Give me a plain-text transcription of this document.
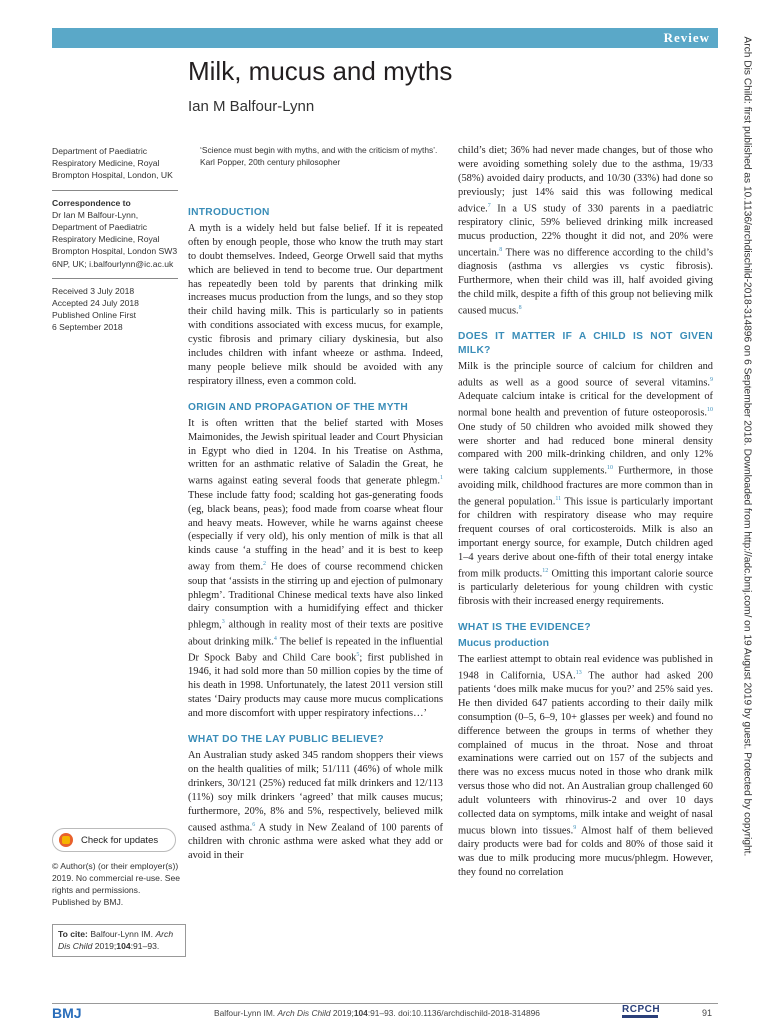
Review
Milk, mucus and myths
Ian M Balfour-Lynn

Department of Paediatric Respiratory Medicine, Royal Brompton Hospital, London, UK

Correspondence to

Dr Ian M Balfour-Lynn, Department of Paediatric Respiratory Medicine, Royal Brompton Hospital, London SW3 6NP, UK; i.balfourlynn@ic.ac.uk

Received 3 July 2018

Accepted 24 July 2018

Published Online First

6 September 2018

Check for updates

© Author(s) (or their employer(s)) 2019. No commercial re-use. See rights and permissions. Published by BMJ.

To cite: Balfour-Lynn IM. Arch Dis Child 2019;104:91–93.
‘Science must begin with myths, and with the criticism of myths’. Karl Popper, 20th century philosopher
INTRODUCTION

A myth is a widely held but false belief. If it is repeated often by enough people, those who know the truth may start to doubt themselves. Indeed, George Orwell said that myths which are believed in tend to become true. Our department has repeatedly been told by parents that drinking milk increases mucus production from the lungs, and so they stop their child having milk. This is particularly so in patients with conditions associated with excess mucus, for example, cystic fibrosis and primary ciliary dyskinesia, but also includes children with infant wheeze or asthma. Indeed, many people believe milk should be avoided with any respiratory illness, even a common cold.

ORIGIN AND PROPAGATION OF THE MYTH

It is often written that the belief started with Moses Maimonides, the Jewish spiritual leader and Court Physician in Egypt who died in 1204. In his Treatise on Asthma, written for an asthmatic relative of Saladin the Great, he warns against eating several foods that generate phlegm.$^1$ These include fatty food; scalding hot gas-generating foods (eg, black beans, peas); food made from coarse wheat flour and heavy meats. However, while he warns against cheese (especially if very old), his only mention of milk is that all kinds cause ‘a stuffing in the head’ and it is best to keep away from them.$^2$ He does of course recommend chicken soup that ‘assists in the stirring up and ejection of pulmonary phlegm’. Traditional Chinese medical texts have also linked dairy consumption with a humidifying effect and thicker phlegm,$^3$ although in reality most of their texts are positive about drinking milk.$^4$ The belief is repeated in the influential Dr Spock Baby and Child Care book$^5$; first published in 1946, it had sold more than 50 million copies by the time of his death in 1998. Unfortunately, the latest 2011 version still states ‘Dairy products may cause more mucus complications and more discomfort with upper respiratory infections…’

WHAT DO THE LAY PUBLIC BELIEVE?

An Australian study asked 345 random shoppers their views on the health qualities of milk; 51/111 (46%) of whole milk drinkers, 30/121 (25%) reduced fat milk drinkers and 12/113 (11%) soy milk drinkers ‘agreed’ that milk causes mucus; furthermore, 20%, 8% and 5%, respectively, believed milk caused asthma.$^6$ A study in New Zealand of 100 parents of children with chronic asthma were asked what they add or avoid in their

child’s diet; 36% had never made changes, but of those who were avoiding something solely due to the asthma, 19/33 (58%) avoided dairy products, and 10/30 (33%) had done so previously; just 14% said this was following medical advice.$^7$ In a US study of 330 parents in a paediatric respiratory clinic, 59% believed drinking milk increased mucus production, 22% thought it did not, and 20% were uncertain.$^8$ There was no difference according to the child’s diagnosis (asthma vs allergies vs cystic fibrosis). Furthermore, when their child was ill, half avoided giving the child milk, despite a fifth of this group not believing milk caused mucus.$^8$

DOES IT MATTER IF A CHILD IS NOT GIVEN MILK?

Milk is the principle source of calcium for children and adults as well as a good source of several vitamins.$^9$ Adequate calcium intake is critical for the development of normal bone health and prevention of future osteoporosis.$^{10}$ One study of 50 children who avoided milk showed they were shorter and had reduced bone mineral density compared with 200 milk-drinking children, and only 12% were taking calcium supplements.$^{10}$ Furthermore, in those avoiding milk, childhood fractures are more common than in the general population.$^{11}$ This issue is particularly important for children with respiratory disease who may require frequent courses of oral corticosteroids. Milk is also an important energy source, for example, Dutch children aged 1–4 years derive about one-fifth of their total energy intake from milk products.$^{12}$ Omitting this important calorie source is particularly deleterious for young children with cystic fibrosis with their increased energy requirements.

WHAT IS THE EVIDENCE?
Mucus production

The earliest attempt to obtain real evidence was published in 1948 in California, USA.$^{13}$ The author had asked 200 patients ‘does milk make mucus for you?’ and 25% said yes. He then divided 647 patients according to their daily milk consumption (0–5, 6–9, 10+ glasses per week) and found no difference between the groups in terms of whether they complained of mucus in the throat. Nose and throat examinations were carried out on 157 of the subjects and there was no excess mucus noted in those who drank milk versus those who did not. An Australian group challenged 60 adult volunteers with rhinovirus-2 and over 10 days collected data on symptoms, milk intake and weight of nasal mucus blown into tissues.$^9$ Almost half of them believed dairy products were bad for colds and 80% of those said it was due to milk producing more mucus/phlegm. However, they found no correlation

Arch Dis Child: first published as 10.1136/archdischild-2018-314896 on 6 September 2018. Downloaded from http://adc.bmj.com/ on 19 August 2019 by guest. Protected by copyright.
BMJ	Balfour-Lynn IM. Arch Dis Child 2019;104:91–93. doi:10.1136/archdischild-2018-314896	RCPCH	91
